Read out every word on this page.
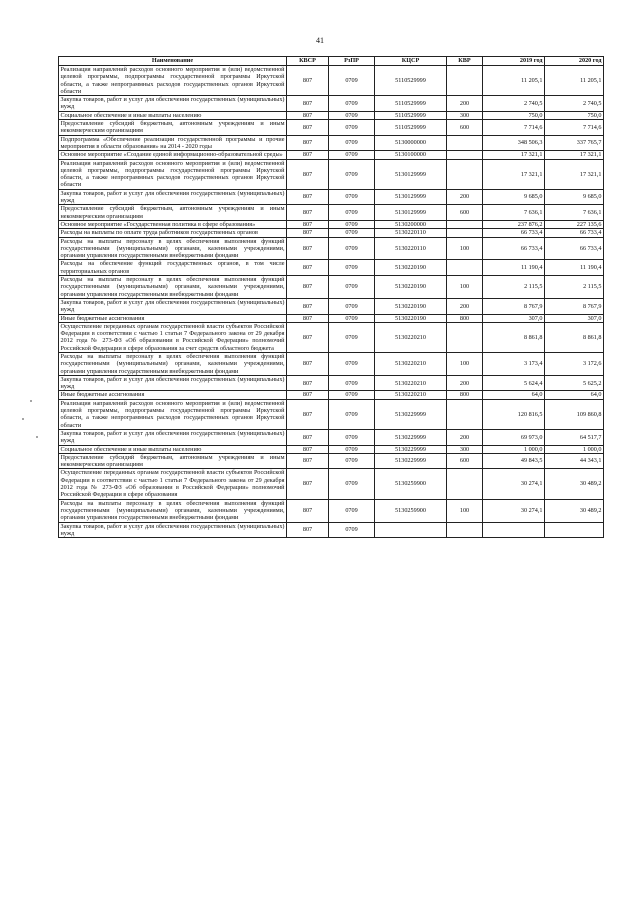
41
Наименование	КВСР	РзПР	КЦСР	КВР	2019 год	2020 год
Реализация направлений расходов основного мероприятия и (или) ведомственной целевой программы, подпрограммы государственной программы Иркутской области, а также непрограммных расходов государственных органов Иркутской области	807	0709	5110529999		11 205,1	11 205,1
Закупка товаров, работ и услуг для обеспечения государственных (муниципальных) нужд	807	0709	5110529999	200	2 740,5	2 740,5
Социальное обеспечение и иные выплаты населению	807	0709	5110529999	300	750,0	750,0
Предоставление субсидий бюджетным, автономным учреждениям и иным некоммерческим организациям	807	0709	5110529999	600	7 714,6	7 714,6
Подпрограмма «Обеспечение реализации государственной программы и прочие мероприятия в области образования» на 2014 - 2020 годы	807	0709	5130000000		348 506,3	337 765,7
Основное мероприятие «Создание единой информационно-образовательной среды»	807	0709	5130100000		17 321,1	17 321,1
Реализация направлений расходов основного мероприятия и (или) ведомственной целевой программы, подпрограммы государственной программы Иркутской области, а также непрограммных расходов государственных органов Иркутской области	807	0709	5130129999		17 321,1	17 321,1
Закупка товаров, работ и услуг для обеспечения государственных (муниципальных) нужд	807	0709	5130129999	200	9 685,0	9 685,0
Предоставление субсидий бюджетным, автономным учреждениям и иным некоммерческим организациям	807	0709	5130129999	600	7 636,1	7 636,1
Основное мероприятие «Государственная политика в сфере образования»	807	0709	5130200000		237 876,2	227 135,6
Расходы на выплаты по оплате труда работников государственных органов	807	0709	5130220110		66 733,4	66 733,4
Расходы на выплаты персоналу в целях обеспечения выполнения функций государственными (муниципальными) органами, казенными учреждениями, органами управления государственными внебюджетными фондами	807	0709	5130220110	100	66 733,4	66 733,4
Расходы на обеспечение функций государственных органов, в том числе территориальных органов	807	0709	5130220190		11 190,4	11 190,4
Расходы на выплаты персоналу в целях обеспечения выполнения функций государственными (муниципальными) органами, казенными учреждениями, органами управления государственными внебюджетными фондами	807	0709	5130220190	100	2 115,5	2 115,5
Закупка товаров, работ и услуг для обеспечения государственных (муниципальных) нужд	807	0709	5130220190	200	8 767,9	8 767,9
Иные бюджетные ассигнования	807	0709	5130220190	800	307,0	307,0
Осуществление переданных органам государственной власти субъектов Российской Федерации в соответствии с частью 1 статьи 7 Федерального закона от 29 декабря 2012 года № 273-ФЗ «Об образовании в Российской Федерации» полномочий Российской Федерации в сфере образования за счет средств областного бюджета	807	0709	5130220210		8 861,8	8 861,8
Расходы на выплаты персоналу в целях обеспечения выполнения функций государственными (муниципальными) органами, казенными учреждениями, органами управления государственными внебюджетными фондами	807	0709	5130220210	100	3 173,4	3 172,6
Закупка товаров, работ и услуг для обеспечения государственных (муниципальных) нужд	807	0709	5130220210	200	5 624,4	5 625,2
Иные бюджетные ассигнования	807	0709	5130220210	800	64,0	64,0
Реализация направлений расходов основного мероприятия и (или) ведомственной целевой программы, подпрограммы государственной программы Иркутской области, а также непрограммных расходов государственных органов Иркутской области	807	0709	5130229999		120 816,5	109 860,8
Закупка товаров, работ и услуг для обеспечения государственных (муниципальных) нужд	807	0709	5130229999	200	69 973,0	64 517,7
Социальное обеспечение и иные выплаты населению	807	0709	5130229999	300	1 000,0	1 000,0
Предоставление субсидий бюджетным, автономным учреждениям и иным некоммерческим организациям	807	0709	5130229999	600	49 843,5	44 343,1
Осуществление переданных органам государственной власти субъектов Российской Федерации в соответствии с частью 1 статьи 7 Федерального закона от 29 декабря 2012 года № 273-ФЗ «Об образовании в Российской Федерации» полномочий Российской Федерации в сфере образования	807	0709	5130259900		30 274,1	30 489,2
Расходы на выплаты персоналу в целях обеспечения выполнения функций государственными (муниципальными) органами, казенными учреждениями, органами управления государственными внебюджетными фондами	807	0709	5130259900	100	30 274,1	30 489,2
Закупка товаров, работ и услуг для обеспечения государственных (муниципальных) нужд	807	0709				
